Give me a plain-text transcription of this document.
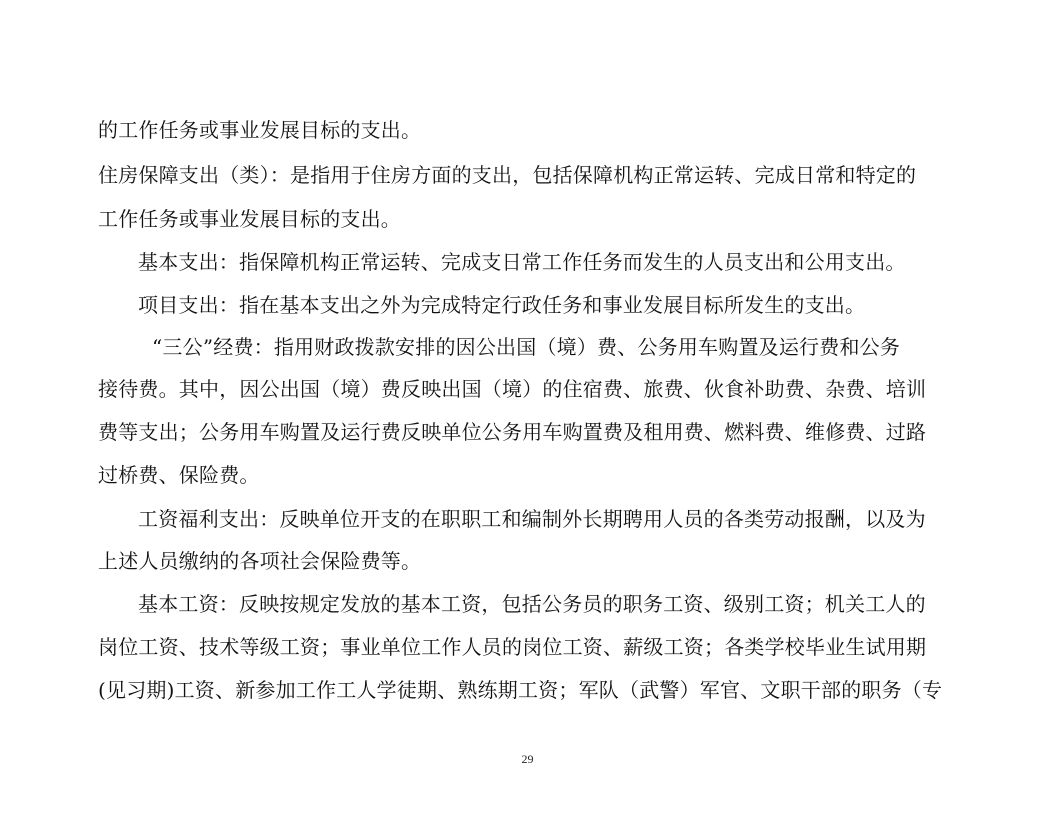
的工作任务或事业发展目标的支出。
住房保障支出（类）：是指用于住房方面的支出，包括保障机构正常运转、完成日常和特定的
工作任务或事业发展目标的支出。
基本支出：指保障机构正常运转、完成支日常工作任务而发生的人员支出和公用支出。
项目支出：指在基本支出之外为完成特定行政任务和事业发展目标所发生的支出。
“三公”经费：指用财政拨款安排的因公出国（境）费、公务用车购置及运行费和公务
接待费。其中，因公出国（境）费反映出国（境）的住宿费、旅费、伙食补助费、杂费、培训
费等支出；公务用车购置及运行费反映单位公务用车购置费及租用费、燃料费、维修费、过路
过桥费、保险费。
工资福利支出：反映单位开支的在职职工和编制外长期聘用人员的各类劳动报酬，以及为
上述人员缴纳的各项社会保险费等。
基本工资：反映按规定发放的基本工资，包括公务员的职务工资、级别工资；机关工人的
岗位工资、技术等级工资；事业单位工作人员的岗位工资、薪级工资；各类学校毕业生试用期
(见习期)工资、新参加工作工人学徒期、熟练期工资；军队（武警）军官、文职干部的职务（专
29
